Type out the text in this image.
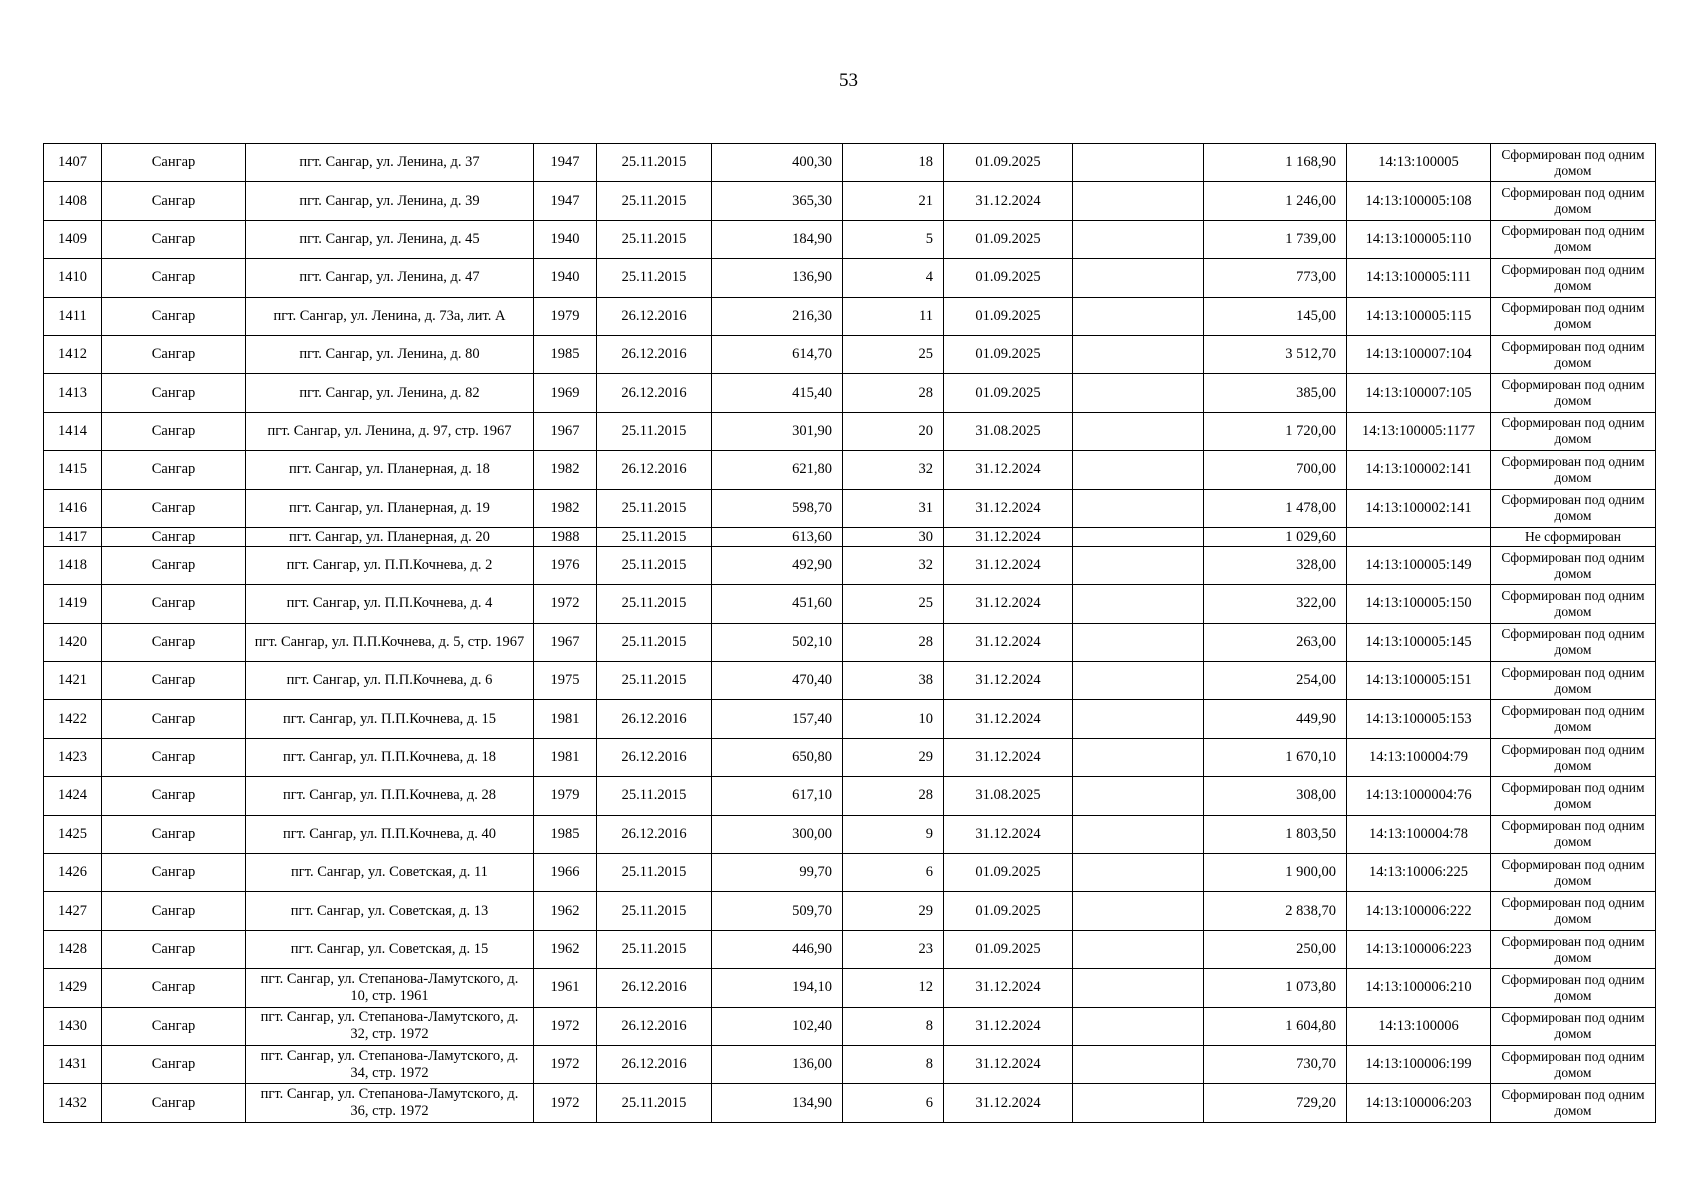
53
1407	Сангар	пгт. Сангар, ул. Ленина, д. 37	1947	25.11.2015	400,30	18	01.09.2025		1 168,90	14:13:100005	Сформирован под одним домом
1408	Сангар	пгт. Сангар, ул. Ленина, д. 39	1947	25.11.2015	365,30	21	31.12.2024		1 246,00	14:13:100005:108	Сформирован под одним домом
1409	Сангар	пгт. Сангар, ул. Ленина, д. 45	1940	25.11.2015	184,90	5	01.09.2025		1 739,00	14:13:100005:110	Сформирован под одним домом
1410	Сангар	пгт. Сангар, ул. Ленина, д. 47	1940	25.11.2015	136,90	4	01.09.2025		773,00	14:13:100005:111	Сформирован под одним домом
1411	Сангар	пгт. Сангар, ул. Ленина, д. 73а, лит. А	1979	26.12.2016	216,30	11	01.09.2025		145,00	14:13:100005:115	Сформирован под одним домом
1412	Сангар	пгт. Сангар, ул. Ленина, д. 80	1985	26.12.2016	614,70	25	01.09.2025		3 512,70	14:13:100007:104	Сформирован под одним домом
1413	Сангар	пгт. Сангар, ул. Ленина, д. 82	1969	26.12.2016	415,40	28	01.09.2025		385,00	14:13:100007:105	Сформирован под одним домом
1414	Сангар	пгт. Сангар, ул. Ленина, д. 97, стр. 1967	1967	25.11.2015	301,90	20	31.08.2025		1 720,00	14:13:100005:1177	Сформирован под одним домом
1415	Сангар	пгт. Сангар, ул. Планерная, д. 18	1982	26.12.2016	621,80	32	31.12.2024		700,00	14:13:100002:141	Сформирован под одним домом
1416	Сангар	пгт. Сангар, ул. Планерная, д. 19	1982	25.11.2015	598,70	31	31.12.2024		1 478,00	14:13:100002:141	Сформирован под одним домом
1417	Сангар	пгт. Сангар, ул. Планерная, д. 20	1988	25.11.2015	613,60	30	31.12.2024		1 029,60		Не сформирован
1418	Сангар	пгт. Сангар, ул. П.П.Кочнева, д. 2	1976	25.11.2015	492,90	32	31.12.2024		328,00	14:13:100005:149	Сформирован под одним домом
1419	Сангар	пгт. Сангар, ул. П.П.Кочнева, д. 4	1972	25.11.2015	451,60	25	31.12.2024		322,00	14:13:100005:150	Сформирован под одним домом
1420	Сангар	пгт. Сангар, ул. П.П.Кочнева, д. 5, стр. 1967	1967	25.11.2015	502,10	28	31.12.2024		263,00	14:13:100005:145	Сформирован под одним домом
1421	Сангар	пгт. Сангар, ул. П.П.Кочнева, д. 6	1975	25.11.2015	470,40	38	31.12.2024		254,00	14:13:100005:151	Сформирован под одним домом
1422	Сангар	пгт. Сангар, ул. П.П.Кочнева, д. 15	1981	26.12.2016	157,40	10	31.12.2024		449,90	14:13:100005:153	Сформирован под одним домом
1423	Сангар	пгт. Сангар, ул. П.П.Кочнева, д. 18	1981	26.12.2016	650,80	29	31.12.2024		1 670,10	14:13:100004:79	Сформирован под одним домом
1424	Сангар	пгт. Сангар, ул. П.П.Кочнева, д. 28	1979	25.11.2015	617,10	28	31.08.2025		308,00	14:13:1000004:76	Сформирован под одним домом
1425	Сангар	пгт. Сангар, ул. П.П.Кочнева, д. 40	1985	26.12.2016	300,00	9	31.12.2024		1 803,50	14:13:100004:78	Сформирован под одним домом
1426	Сангар	пгт. Сангар, ул. Советская, д. 11	1966	25.11.2015	99,70	6	01.09.2025		1 900,00	14:13:10006:225	Сформирован под одним домом
1427	Сангар	пгт. Сангар, ул. Советская, д. 13	1962	25.11.2015	509,70	29	01.09.2025		2 838,70	14:13:100006:222	Сформирован под одним домом
1428	Сангар	пгт. Сангар, ул. Советская, д. 15	1962	25.11.2015	446,90	23	01.09.2025		250,00	14:13:100006:223	Сформирован под одним домом
1429	Сангар	пгт. Сангар, ул. Степанова-Ламутского, д. 10, стр. 1961	1961	26.12.2016	194,10	12	31.12.2024		1 073,80	14:13:100006:210	Сформирован под одним домом
1430	Сангар	пгт. Сангар, ул. Степанова-Ламутского, д. 32, стр. 1972	1972	26.12.2016	102,40	8	31.12.2024		1 604,80	14:13:100006	Сформирован под одним домом
1431	Сангар	пгт. Сангар, ул. Степанова-Ламутского, д. 34, стр. 1972	1972	26.12.2016	136,00	8	31.12.2024		730,70	14:13:100006:199	Сформирован под одним домом
1432	Сангар	пгт. Сангар, ул. Степанова-Ламутского, д. 36, стр. 1972	1972	25.11.2015	134,90	6	31.12.2024		729,20	14:13:100006:203	Сформирован под одним домом
